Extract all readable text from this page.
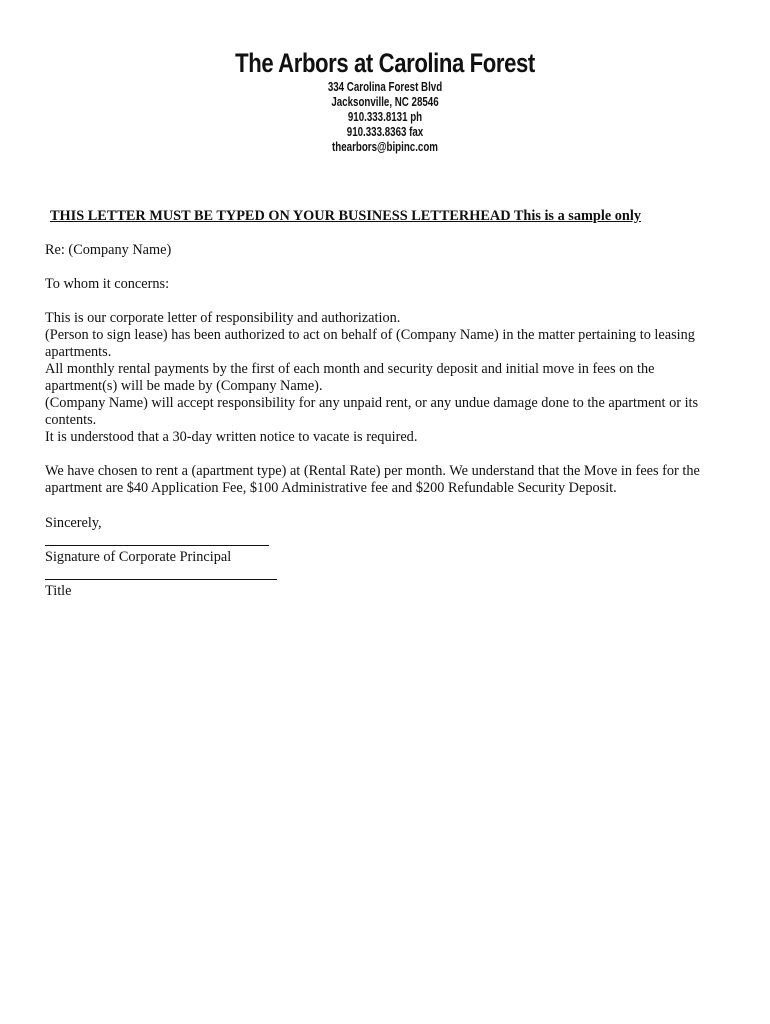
The Arbors at Carolina Forest
334 Carolina Forest Blvd
Jacksonville, NC 28546
910.333.8131 ph
910.333.8363 fax
thearbors@bipinc.com
THIS LETTER MUST BE TYPED ON YOUR BUSINESS LETTERHEAD This is a sample only
Re: (Company Name)
To whom it concerns:
This is our corporate letter of responsibility and authorization.
(Person to sign lease) has been authorized to act on behalf of (Company Name) in the matter pertaining to leasing
apartments.
All monthly rental payments by the first of each month and security deposit and initial move in fees on the
apartment(s) will be made by (Company Name).
(Company Name) will accept responsibility for any unpaid rent, or any undue damage done to the apartment or its
contents.
It is understood that a 30-day written notice to vacate is required.
We have chosen to rent a (apartment type) at (Rental Rate) per month. We understand that the Move in fees for the
apartment are $40 Application Fee, $100 Administrative fee and $200 Refundable Security Deposit.
Sincerely,
Signature of Corporate Principal
Title
